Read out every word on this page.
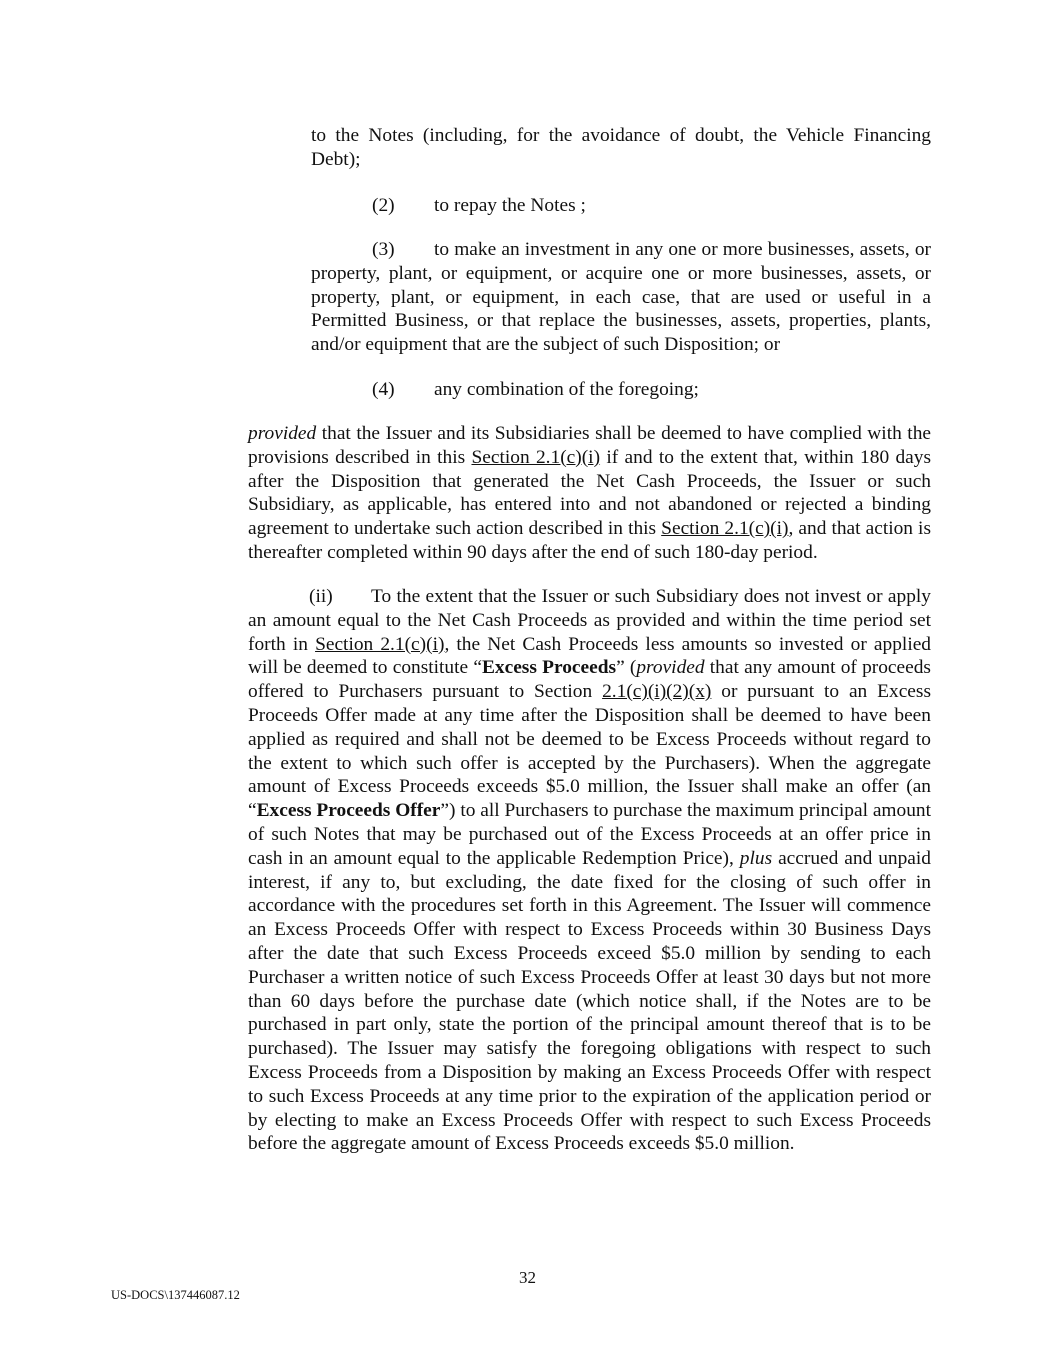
to the Notes (including, for the avoidance of doubt, the Vehicle Financing Debt);

(2) to repay the Notes ;

(3) to make an investment in any one or more businesses, assets, or property, plant, or equipment, or acquire one or more businesses, assets, or property, plant, or equipment, in each case, that are used or useful in a Permitted Business, or that replace the businesses, assets, properties, plants, and/or equipment that are the subject of such Disposition; or

(4) any combination of the foregoing;

provided that the Issuer and its Subsidiaries shall be deemed to have complied with the provisions described in this Section 2.1(c)(i) if and to the extent that, within 180 days after the Disposition that generated the Net Cash Proceeds, the Issuer or such Subsidiary, as applicable, has entered into and not abandoned or rejected a binding agreement to undertake such action described in this Section 2.1(c)(i), and that action is thereafter completed within 90 days after the end of such 180-day period.

(ii) To the extent that the Issuer or such Subsidiary does not invest or apply an amount equal to the Net Cash Proceeds as provided and within the time period set forth in Section 2.1(c)(i), the Net Cash Proceeds less amounts so invested or applied will be deemed to constitute “Excess Proceeds” (provided that any amount of proceeds offered to Purchasers pursuant to Section 2.1(c)(i)(2)(x) or pursuant to an Excess Proceeds Offer made at any time after the Disposition shall be deemed to have been applied as required and shall not be deemed to be Excess Proceeds without regard to the extent to which such offer is accepted by the Purchasers). When the aggregate amount of Excess Proceeds exceeds $5.0 million, the Issuer shall make an offer (an “Excess Proceeds Offer”) to all Purchasers to purchase the maximum principal amount of such Notes that may be purchased out of the Excess Proceeds at an offer price in cash in an amount equal to the applicable Redemption Price), plus accrued and unpaid interest, if any to, but excluding, the date fixed for the closing of such offer in accordance with the procedures set forth in this Agreement. The Issuer will commence an Excess Proceeds Offer with respect to Excess Proceeds within 30 Business Days after the date that such Excess Proceeds exceed $5.0 million by sending to each Purchaser a written notice of such Excess Proceeds Offer at least 30 days but not more than 60 days before the purchase date (which notice shall, if the Notes are to be purchased in part only, state the portion of the principal amount thereof that is to be purchased). The Issuer may satisfy the foregoing obligations with respect to such Excess Proceeds from a Disposition by making an Excess Proceeds Offer with respect to such Excess Proceeds at any time prior to the expiration of the application period or by electing to make an Excess Proceeds Offer with respect to such Excess Proceeds before the aggregate amount of Excess Proceeds exceeds $5.0 million.

32
US-DOCS\137446087.12
